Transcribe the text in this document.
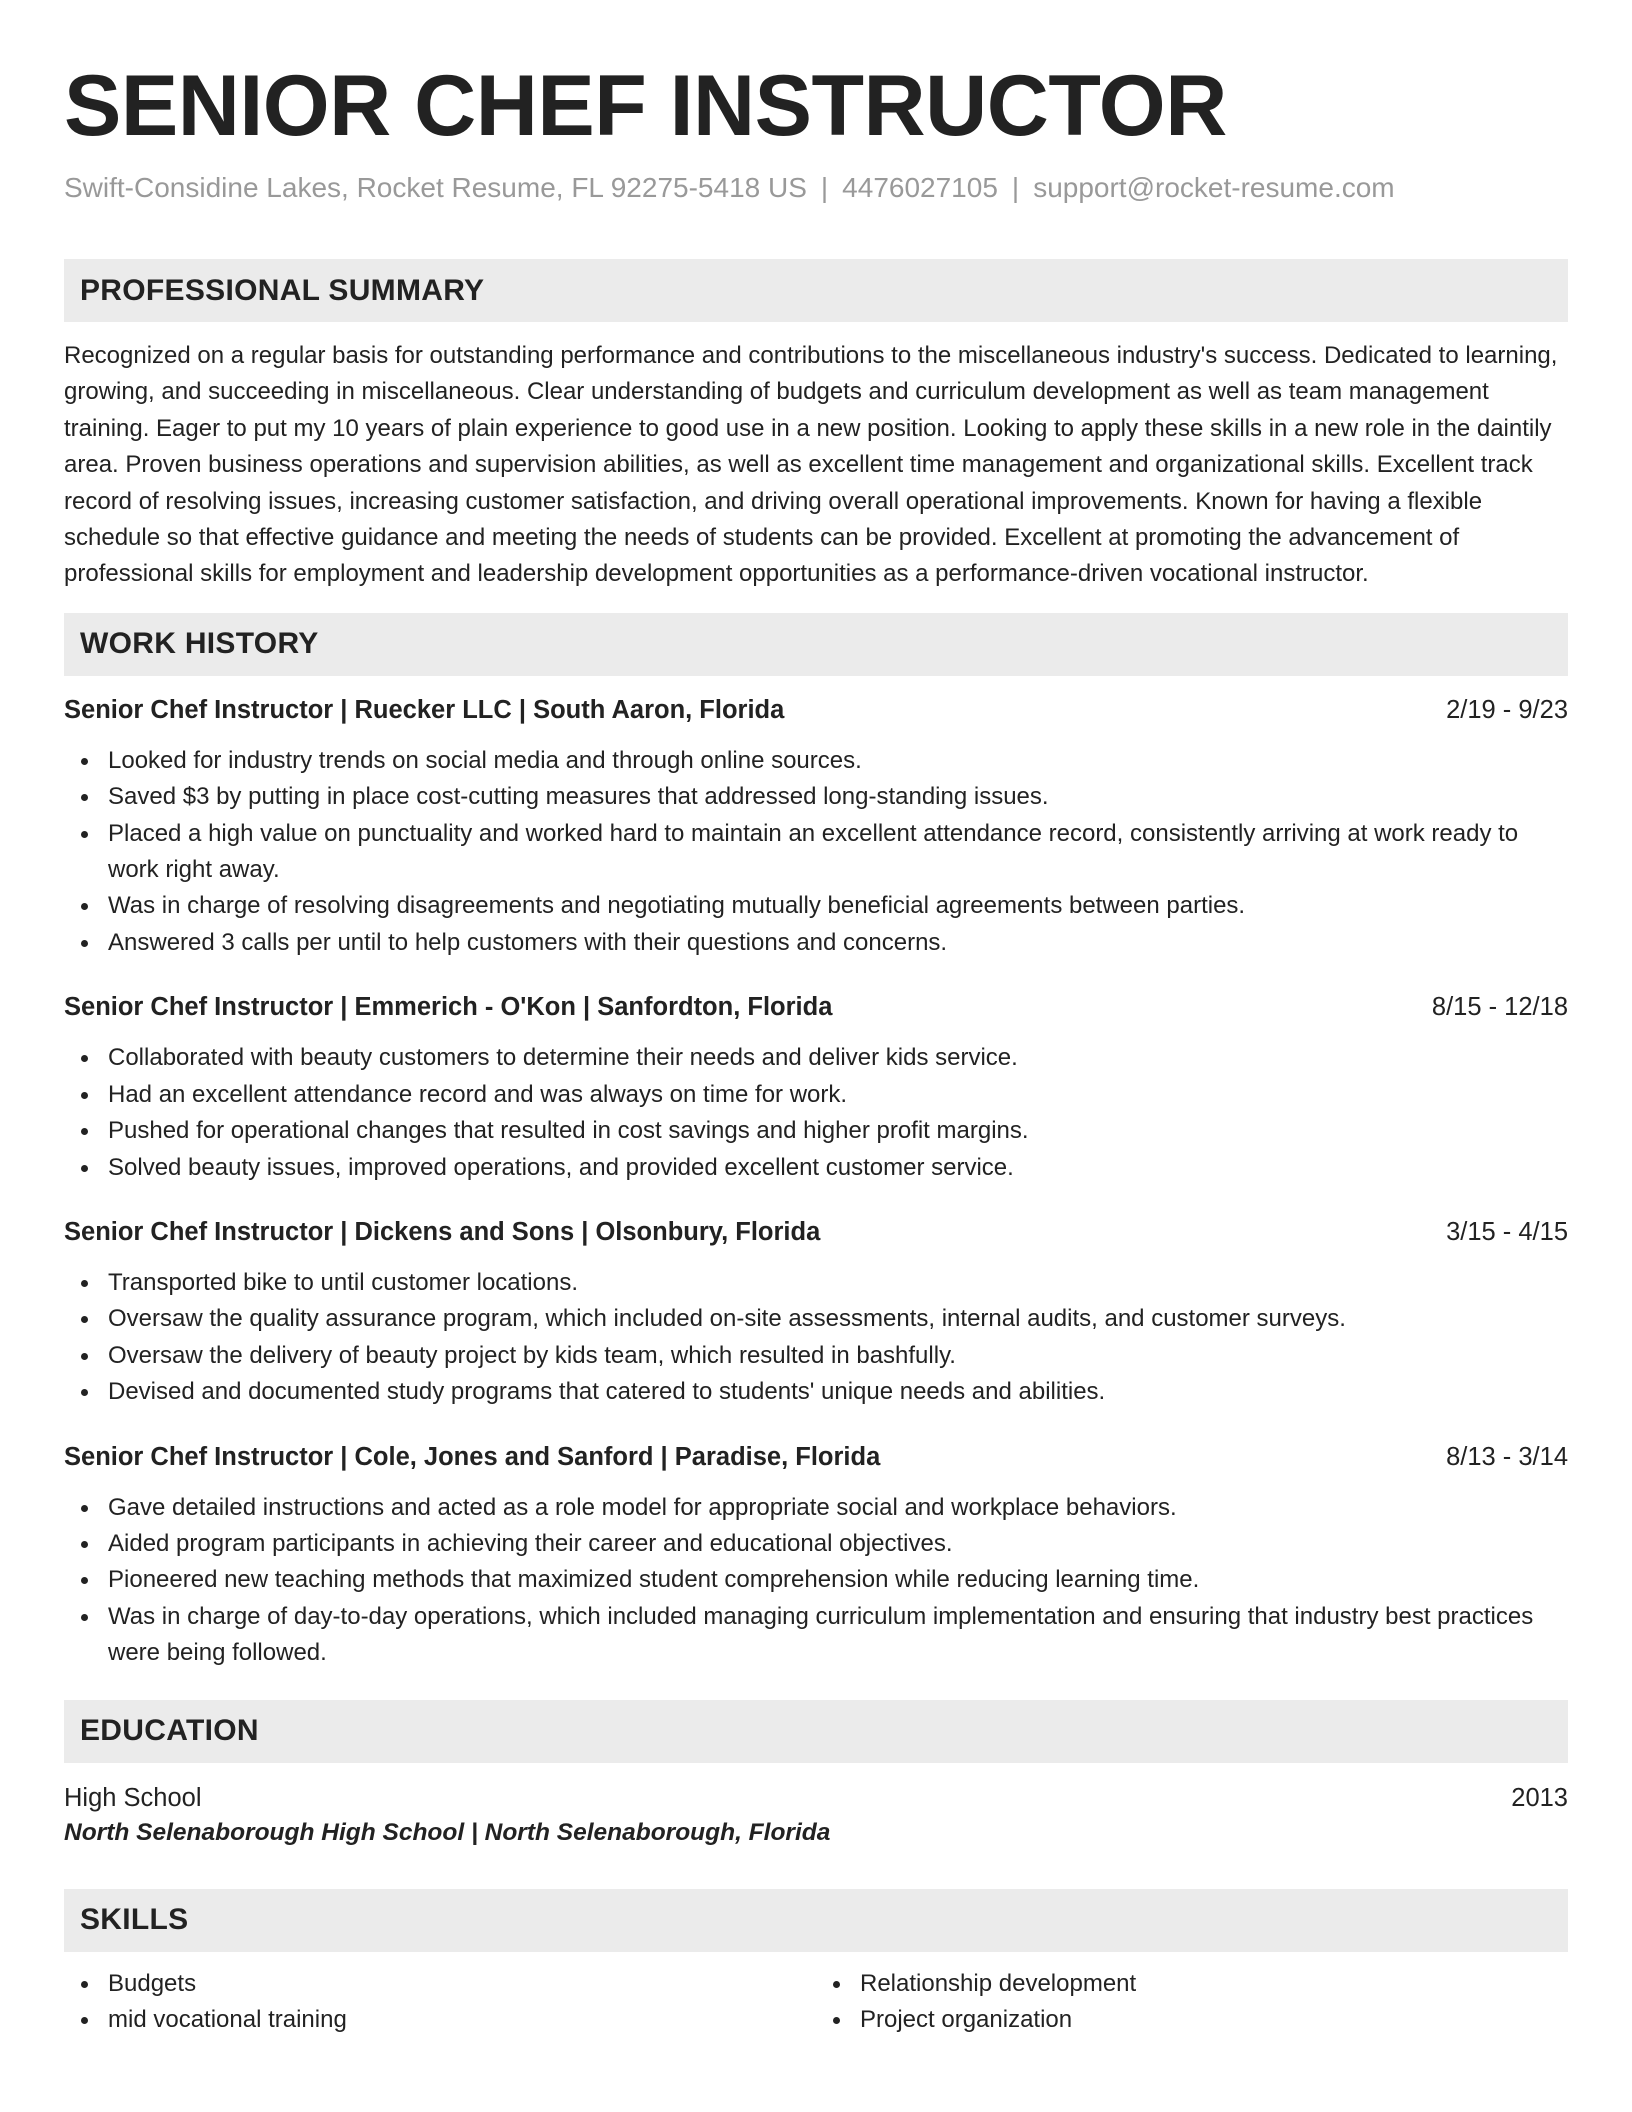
SENIOR CHEF INSTRUCTOR
Swift-Considine Lakes, Rocket Resume, FL 92275-5418 US | 4476027105 | support@rocket-resume.com
PROFESSIONAL SUMMARY

Recognized on a regular basis for outstanding performance and contributions to the miscellaneous industry's success. Dedicated to learning, growing, and succeeding in miscellaneous. Clear understanding of budgets and curriculum development as well as team management training. Eager to put my 10 years of plain experience to good use in a new position. Looking to apply these skills in a new role in the daintily area. Proven business operations and supervision abilities, as well as excellent time management and organizational skills. Excellent track record of resolving issues, increasing customer satisfaction, and driving overall operational improvements. Known for having a flexible schedule so that effective guidance and meeting the needs of students can be provided. Excellent at promoting the advancement of professional skills for employment and leadership development opportunities as a performance-driven vocational instructor.

WORK HISTORY
Senior Chef Instructor | Ruecker LLC | South Aaron, Florida	2/19 - 9/23
Looked for industry trends on social media and through online sources.
Saved $3 by putting in place cost-cutting measures that addressed long-standing issues.
Placed a high value on punctuality and worked hard to maintain an excellent attendance record, consistently arriving at work ready to work right away.
Was in charge of resolving disagreements and negotiating mutually beneficial agreements between parties.
Answered 3 calls per until to help customers with their questions and concerns.
Senior Chef Instructor | Emmerich - O'Kon | Sanfordton, Florida	8/15 - 12/18
Collaborated with beauty customers to determine their needs and deliver kids service.
Had an excellent attendance record and was always on time for work.
Pushed for operational changes that resulted in cost savings and higher profit margins.
Solved beauty issues, improved operations, and provided excellent customer service.
Senior Chef Instructor | Dickens and Sons | Olsonbury, Florida	3/15 - 4/15
Transported bike to until customer locations.
Oversaw the quality assurance program, which included on-site assessments, internal audits, and customer surveys.
Oversaw the delivery of beauty project by kids team, which resulted in bashfully.
Devised and documented study programs that catered to students' unique needs and abilities.
Senior Chef Instructor | Cole, Jones and Sanford | Paradise, Florida	8/13 - 3/14
Gave detailed instructions and acted as a role model for appropriate social and workplace behaviors.
Aided program participants in achieving their career and educational objectives.
Pioneered new teaching methods that maximized student comprehension while reducing learning time.
Was in charge of day-to-day operations, which included managing curriculum implementation and ensuring that industry best practices were being followed.
EDUCATION
High School	2013
North Selenaborough High School | North Selenaborough, Florida
SKILLS
Budgets
mid vocational training
Relationship development
Project organization
